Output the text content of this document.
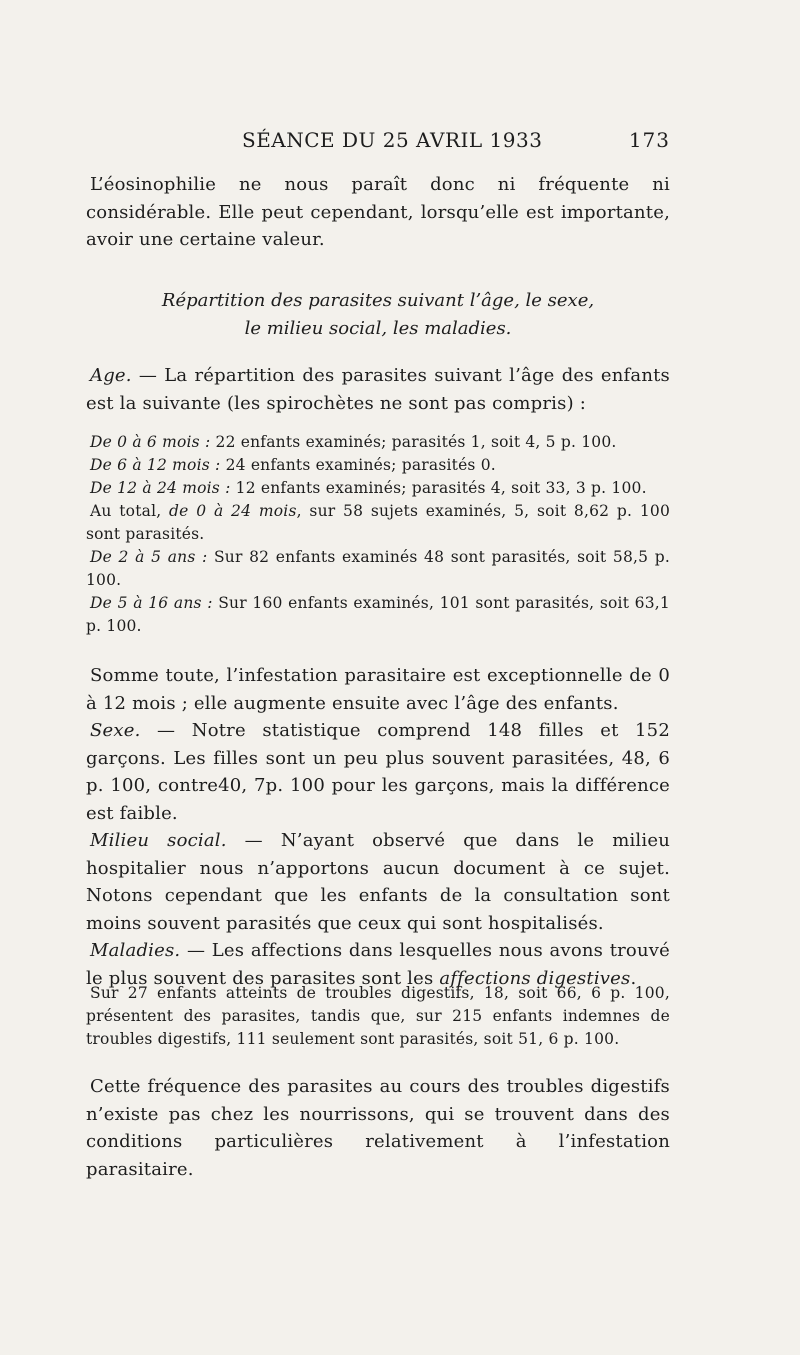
SÉANCE DU 25 AVRIL 1933	173

L’éosinophilie ne nous paraît donc ni fréquente ni considérable. Elle peut cependant, lorsqu’elle est importante, avoir une certaine valeur.

Répartition des parasites suivant l’âge, le sexe,
le milieu social, les maladies.

Age. — La répartition des parasites suivant l’âge des enfants est la suivante (les spirochètes ne sont pas compris) :

De 0 à 6 mois : 22 enfants examinés; parasités 1, soit 4, 5 p. 100.

De 6 à 12 mois : 24 enfants examinés; parasités 0.

De 12 à 24 mois : 12 enfants examinés; parasités 4, soit 33, 3 p. 100.

Au total, de 0 à 24 mois, sur 58 sujets examinés, 5, soit 8,62 p. 100 sont parasités.

De 2 à 5 ans : Sur 82 enfants examinés 48 sont parasités, soit 58,5 p. 100.

De 5 à 16 ans : Sur 160 enfants examinés, 101 sont parasités, soit 63,1 p. 100.

Somme toute, l’infestation parasitaire est exceptionnelle de 0 à 12 mois ; elle augmente ensuite avec l’âge des enfants.

Sexe. — Notre statistique comprend 148 filles et 152 garçons. Les filles sont un peu plus souvent parasitées, 48, 6 p. 100, contre40, 7p. 100 pour les garçons, mais la différence est faible.

Milieu social. — N’ayant observé que dans le milieu hospitalier nous n’apportons aucun document à ce sujet. Notons cependant que les enfants de la consultation sont moins souvent parasités que ceux qui sont hospitalisés.

Maladies. — Les affections dans lesquelles nous avons trouvé le plus souvent des parasites sont les affections digestives.

Sur 27 enfants atteints de troubles digestifs, 18, soit 66, 6 p. 100, présentent des parasites, tandis que, sur 215 enfants indemnes de troubles digestifs, 111 seulement sont parasités, soit 51, 6 p. 100.

Cette fréquence des parasites au cours des troubles digestifs n’existe pas chez les nourrissons, qui se trouvent dans des conditions particulières relativement à l’infestation parasitaire.
